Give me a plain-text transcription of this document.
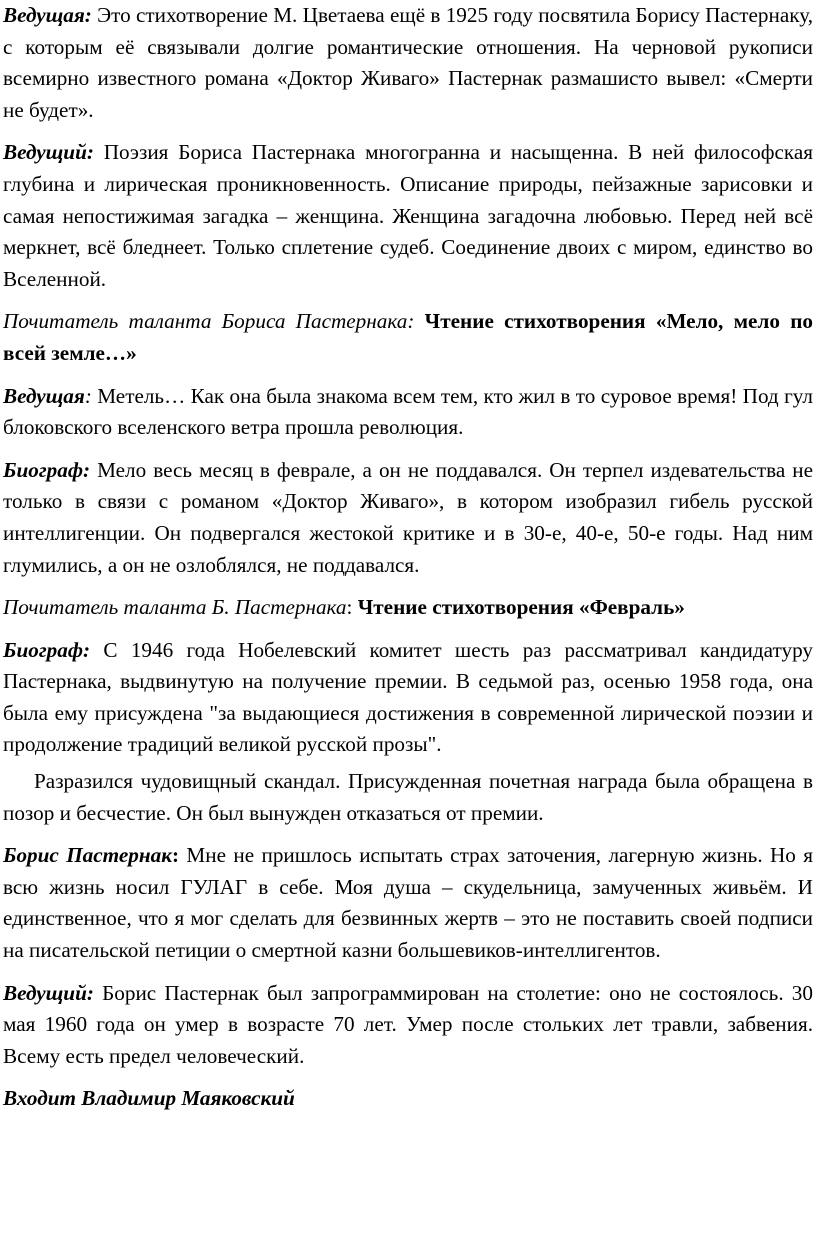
Ведущая: Это стихотворение М. Цветаева ещё в 1925 году посвятила Борису Пастернаку, с которым её связывали долгие романтические отношения. На черновой рукописи всемирно известного романа «Доктор Живаго» Пастернак размашисто вывел: «Смерти не будет».

Ведущий: Поэзия Бориса Пастернака многогранна и насыщенна. В ней философская глубина и лирическая проникновенность. Описание природы, пейзажные зарисовки и самая непостижимая загадка – женщина. Женщина загадочна любовью. Перед ней всё меркнет, всё бледнеет. Только сплетение судеб. Соединение двоих с миром, единство во Вселенной.

Почитатель таланта Бориса Пастернака: Чтение стихотворения «Мело, мело по всей земле…»

Ведущая: Метель… Как она была знакома всем тем, кто жил в то суровое время! Под гул блоковского вселенского ветра прошла революция.

Биограф: Мело весь месяц в феврале, а он не поддавался. Он терпел издевательства не только в связи с романом «Доктор Живаго», в котором изобразил гибель русской интеллигенции. Он подвергался жестокой критике и в 30-е, 40-е, 50-е годы. Над ним глумились, а он не озлоблялся, не поддавался.

Почитатель таланта Б. Пастернака: Чтение стихотворения «Февраль»

Биограф: С 1946 года Нобелевский комитет шесть раз рассматривал кандидатуру Пастернака, выдвинутую на получение премии. В седьмой раз, осенью 1958 года, она была ему присуждена "за выдающиеся достижения в современной лирической поэзии и продолжение традиций великой русской прозы".

Разразился чудовищный скандал. Присужденная почетная награда была обращена в позор и бесчестие. Он был вынужден отказаться от премии.

Борис Пастернак: Мне не пришлось испытать страх заточения, лагерную жизнь. Но я всю жизнь носил ГУЛАГ в себе. Моя душа – скудельница, замученных живьём. И единственное, что я мог сделать для безвинных жертв – это не поставить своей подписи на писательской петиции о смертной казни большевиков-интеллигентов.

Ведущий: Борис Пастернак был запрограммирован на столетие: оно не состоялось. 30 мая 1960 года он умер в возрасте 70 лет. Умер после стольких лет травли, забвения. Всему есть предел человеческий.

Входит Владимир Маяковский
